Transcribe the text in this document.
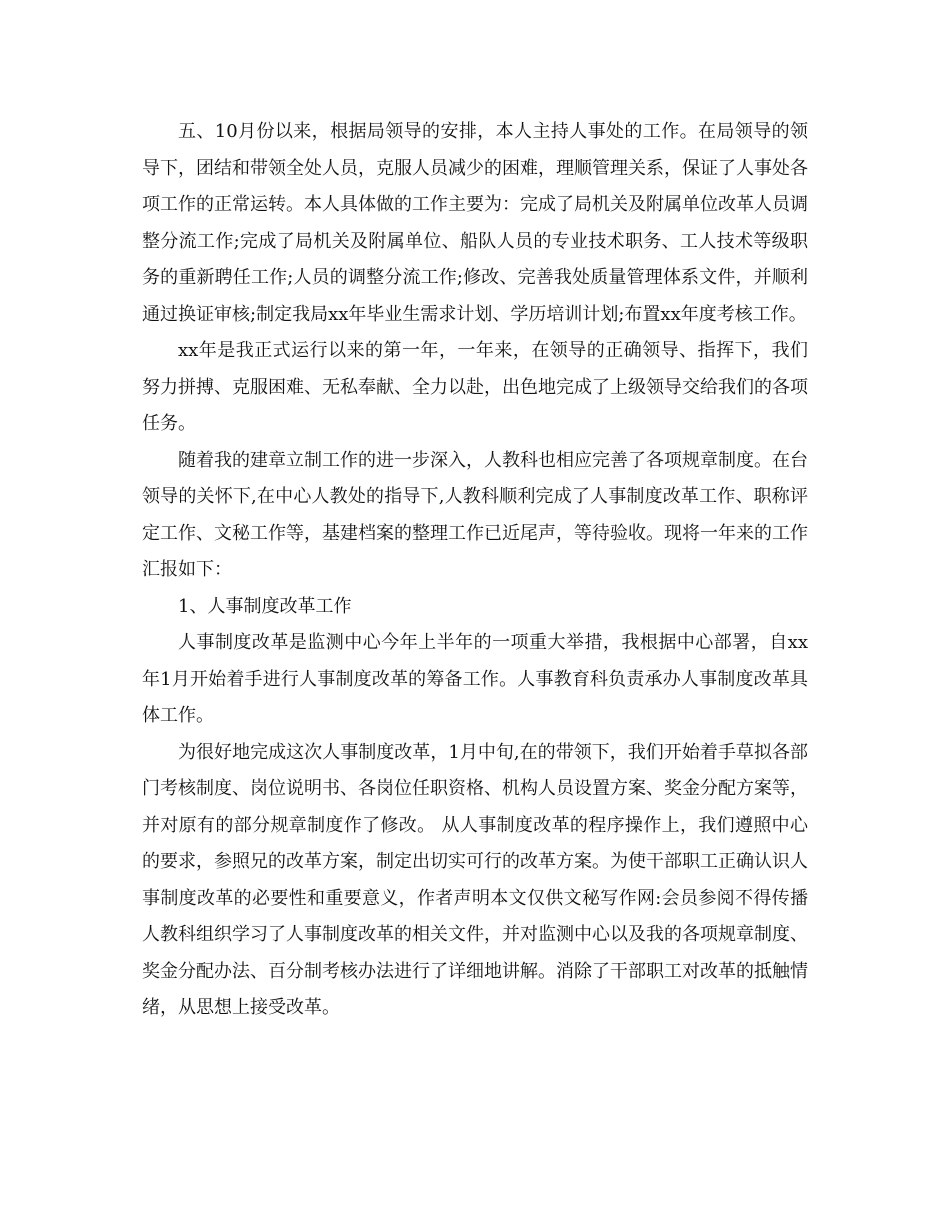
五、10月份以来，根据局领导的安排，本人主持人事处的工作。在局领导的领导下，团结和带领全处人员，克服人员减少的困难，理顺管理关系，保证了人事处各项工作的正常运转。本人具体做的工作主要为：完成了局机关及附属单位改革人员调整分流工作;完成了局机关及附属单位、船队人员的专业技术职务、工人技术等级职务的重新聘任工作;人员的调整分流工作;修改、完善我处质量管理体系文件，并顺利通过换证审核;制定我局xx年毕业生需求计划、学历培训计划;布置xx年度考核工作。

xx年是我正式运行以来的第一年，一年来，在领导的正确领导、指挥下，我们努力拼搏、克服困难、无私奉献、全力以赴，出色地完成了上级领导交给我们的各项任务。

随着我的建章立制工作的进一步深入，人教科也相应完善了各项规章制度。在台领导的关怀下,在中心人教处的指导下,人教科顺利完成了人事制度改革工作、职称评定工作、文秘工作等，基建档案的整理工作已近尾声，等待验收。现将一年来的工作汇报如下：

1、人事制度改革工作

人事制度改革是监测中心今年上半年的一项重大举措，我根据中心部署，自xx年1月开始着手进行人事制度改革的筹备工作。人事教育科负责承办人事制度改革具体工作。

为很好地完成这次人事制度改革，1月中旬,在的带领下，我们开始着手草拟各部门考核制度、岗位说明书、各岗位任职资格、机构人员设置方案、奖金分配方案等，并对原有的部分规章制度作了修改。 从人事制度改革的程序操作上，我们遵照中心的要求，参照兄的改革方案，制定出切实可行的改革方案。为使干部职工正确认识人事制度改革的必要性和重要意义，作者声明本文仅供文秘写作网:会员参阅不得传播人教科组织学习了人事制度改革的相关文件，并对监测中心以及我的各项规章制度、奖金分配办法、百分制考核办法进行了详细地讲解。消除了干部职工对改革的抵触情绪，从思想上接受改革。
